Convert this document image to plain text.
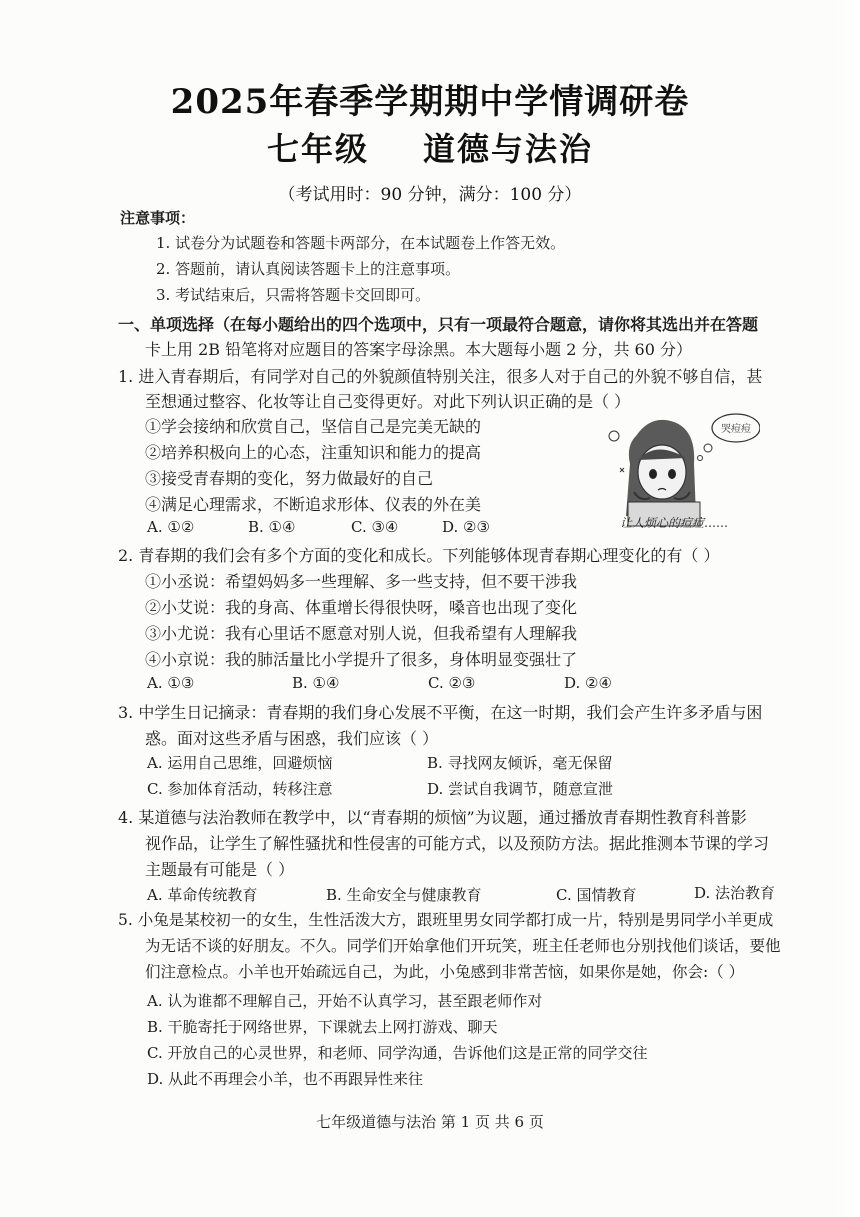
2025年春季学期期中学情调研卷
七年级 道德与法治
（考试用时：90 分钟，满分：100 分）
注意事项：
1. 试卷分为试题卷和答题卡两部分，在本试题卷上作答无效。
2. 答题前，请认真阅读答题卡上的注意事项。
3. 考试结束后，只需将答题卡交回即可。
一、单项选择（在每小题给出的四个选项中，只有一项最符合题意，请你将其选出并在答题
卡上用 2B 铅笔将对应题目的答案字母涂黑。本大题每小题 2 分，共 60 分）
1. 进入青春期后，有同学对自己的外貌颜值特别关注，很多人对于自己的外貌不够自信，甚
至想通过整容、化妆等让自己变得更好。对此下列认识正确的是（ ）
①学会接纳和欣赏自己，坚信自己是完美无缺的
②培养积极向上的心态，注重知识和能力的提高
③接受青春期的变化，努力做最好的自己
④满足心理需求，不断追求形体、仪表的外在美
A. ①②	B. ①④	C. ③④	D. ②③
哭痘痘
让人烦心的痘痘……
2. 青春期的我们会有多个方面的变化和成长。下列能够体现青春期心理变化的有（ ）
①小丞说：希望妈妈多一些理解、多一些支持，但不要干涉我
②小艾说：我的身高、体重增长得很快呀，嗓音也出现了变化
③小尤说：我有心里话不愿意对别人说，但我希望有人理解我
④小京说：我的肺活量比小学提升了很多，身体明显变强壮了
A. ①③	B. ①④	C. ②③	D. ②④
3. 中学生日记摘录：青春期的我们身心发展不平衡，在这一时期，我们会产生许多矛盾与困
惑。面对这些矛盾与困惑，我们应该（ ）
A. 运用自己思维，回避烦恼	B. 寻找网友倾诉，毫无保留
C. 参加体育活动，转移注意	D. 尝试自我调节，随意宣泄
4. 某道德与法治教师在教学中，以“青春期的烦恼”为议题，通过播放青春期性教育科普影
视作品，让学生了解性骚扰和性侵害的可能方式，以及预防方法。据此推测本节课的学习
主题最有可能是（ ）
A. 革命传统教育	B. 生命安全与健康教育	C. 国情教育	D. 法治教育
5. 小兔是某校初一的女生，生性活泼大方，跟班里男女同学都打成一片，特别是男同学小羊更成
为无话不谈的好朋友。不久。同学们开始拿他们开玩笑，班主任老师也分别找他们谈话，要他
们注意检点。小羊也开始疏远自己，为此，小兔感到非常苦恼，如果你是她，你会:（ ）
A. 认为谁都不理解自己，开始不认真学习，甚至跟老师作对
B. 干脆寄托于网络世界，下课就去上网打游戏、聊天
C. 开放自己的心灵世界，和老师、同学沟通，告诉他们这是正常的同学交往
D. 从此不再理会小羊，也不再跟异性来往
七年级道德与法治 第 1 页 共 6 页
